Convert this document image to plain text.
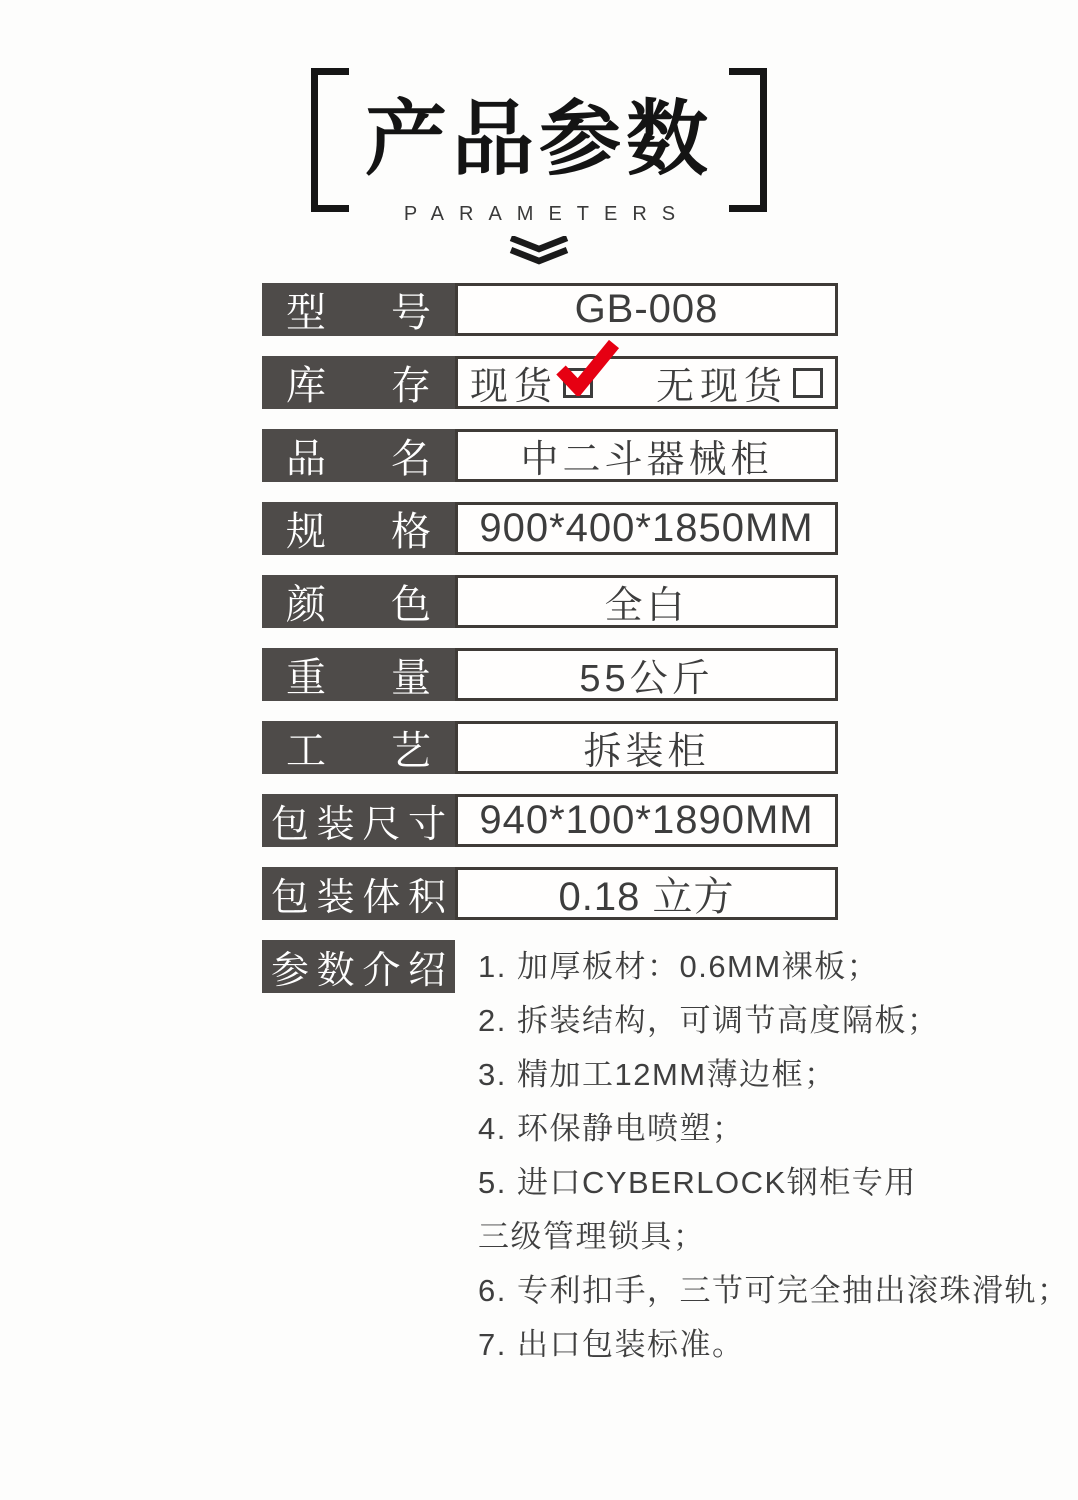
产品参数
PARAMETERS
型 号	GB-008
库 存 现货	无现货
品 名	中二斗器械柜
规 格	900*400*1850MM
颜 色	全白
重 量	55公斤
工 艺	拆装柜
包 装 尺 寸 940*100*1890MM
包 装 体 积	0.18 立方
参 数 介 绍 1. 加厚板材：0.6MM裸板；
2. 拆装结构，可调节高度隔板；
3. 精加工12MM薄边框；
4. 环保静电喷塑；
5. 进口CYBERLOCK钢柜专用
三级管理锁具；
6. 专利扣手，三节可完全抽出滚珠滑轨；
7. 出口包装标准。
